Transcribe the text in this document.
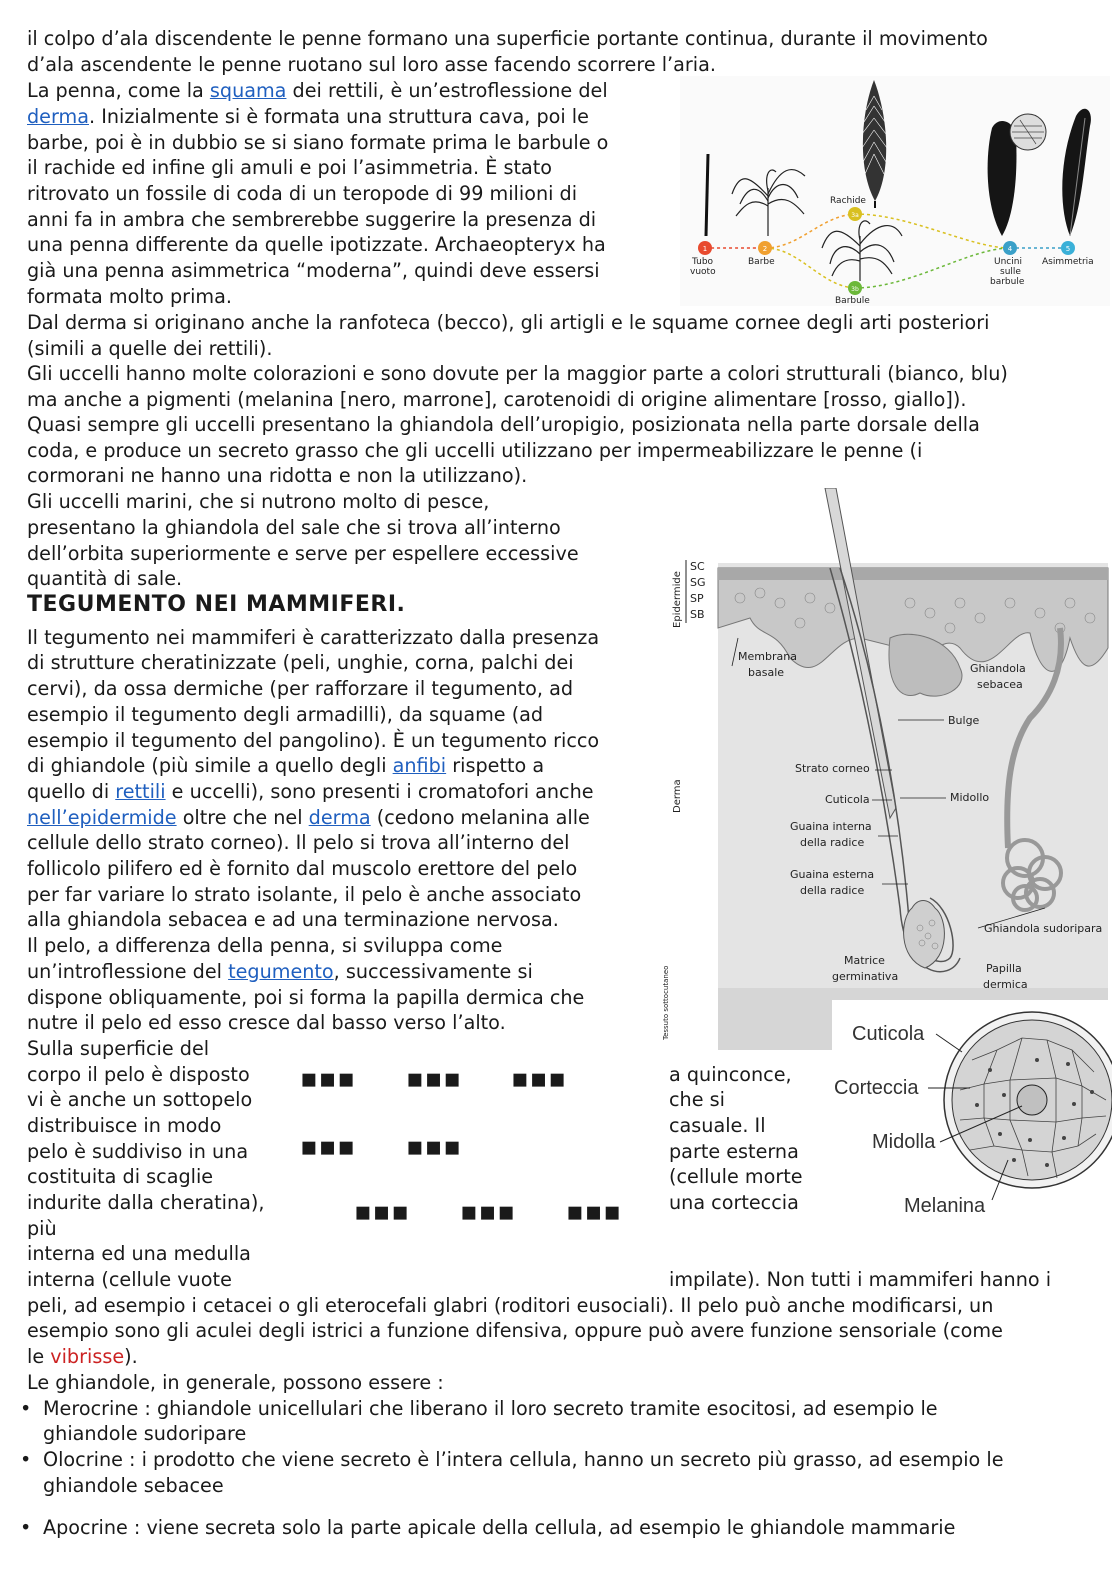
il colpo d’ala discendente le penne formano una superficie portante continua, durante il movimento
d’ala ascendente le penne ruotano sul loro asse facendo scorrere l’aria.
La penna, come la squama dei rettili, è un’estroflessione del
derma. Inizialmente si è formata una struttura cava, poi le
barbe, poi è in dubbio se si siano formate prima le barbule o
il rachide ed infine gli amuli e poi l’asimmetria. È stato
ritrovato un fossile di coda di un teropode di 99 milioni di
anni fa in ambra che sembrerebbe suggerire la presenza di
una penna differente da quelle ipotizzate. Archaeopteryx ha
già una penna asimmetrica “moderna”, quindi deve essersi
formata molto prima.
1	2
3a
3b
4	5
Rachide
Tubo
vuoto
Barbe
Barbule
Uncini
sulle
barbule
Asimmetria
Dal derma si originano anche la ranfoteca (becco), gli artigli e le squame cornee degli arti posteriori
(simili a quelle dei rettili).
Gli uccelli hanno molte colorazioni e sono dovute per la maggior parte a colori strutturali (bianco, blu)
ma anche a pigmenti (melanina [nero, marrone], carotenoidi di origine alimentare [rosso, giallo]).
Quasi sempre gli uccelli presentano la ghiandola dell’uropigio, posizionata nella parte dorsale della
coda, e produce un secreto grasso che gli uccelli utilizzano per impermeabilizzare le penne (i
cormorani ne hanno una ridotta e non la utilizzano).
Gli uccelli marini, che si nutrono molto di pesce,
presentano la ghiandola del sale che si trova all’interno
dell’orbita superiormente e serve per espellere eccessive
quantità di sale.
TEGUMENTO NEI MAMMIFERI.
SC
SG
SP
SB
Epidermide
Derma
Tessuto sottocutaneo
Membrana
basale	Ghiandola
sebacea
Bulge
Strato corneo
Cuticola	Midollo
Guaina interna
della radice
Guaina esterna
della radice
Ghiandola sudoripara
Matrice
germinativa
Papilla
dermica
Cuticola
Corteccia
Midolla
Melanina
Il tegumento nei mammiferi è caratterizzato dalla presenza
di strutture cheratinizzate (peli, unghie, corna, palchi dei
cervi), da ossa dermiche (per rafforzare il tegumento, ad
esempio il tegumento degli armadilli), da squame (ad
esempio il tegumento del pangolino). È un tegumento ricco
di ghiandole (più simile a quello degli anfibi rispetto a
quello di rettili e uccelli), sono presenti i cromatofori anche
nell’epidermide oltre che nel derma (cedono melanina alle
cellule dello strato corneo). Il pelo si trova all’interno del
follicolo pilifero ed è fornito dal muscolo erettore del pelo
per far variare lo strato isolante, il pelo è anche associato
alla ghiandola sebacea e ad una terminazione nervosa.
Il pelo, a differenza della penna, si sviluppa come
un’introflessione del tegumento, successivamente si
dispone obliquamente, poi si forma la papilla dermica che
nutre il pelo ed esso cresce dal basso verso l’alto.
Sulla superficie del
corpo il pelo è disposto
vi è anche un sottopelo
distribuisce in modo
pelo è suddiviso in una
costituita di scaglie
indurite dalla cheratina),
più
interna ed una medulla
interna (cellule vuote
a quinconce,
che si
casuale. Il
parte esterna
(cellule morte
una corteccia
impilate). Non tutti i mammiferi hanno i
▪▪▪ ▪▪▪ ▪▪▪
▪▪▪ ▪▪▪
▪▪▪ ▪▪▪ ▪▪▪
peli, ad esempio i cetacei o gli eterocefali glabri (roditori eusociali). Il pelo può anche modificarsi, un
esempio sono gli aculei degli istrici a funzione difensiva, oppure può avere funzione sensoriale (come
le vibrisse).
Le ghiandole, in generale, possono essere :
• Merocrine : ghiandole unicellulari che liberano il loro secreto tramite esocitosi, ad esempio le
ghiandole sudoripare
• Olocrine : i prodotto che viene secreto è l’intera cellula, hanno un secreto più grasso, ad esempio le
ghiandole sebacee
• Apocrine : viene secreta solo la parte apicale della cellula, ad esempio le ghiandole mammarie
